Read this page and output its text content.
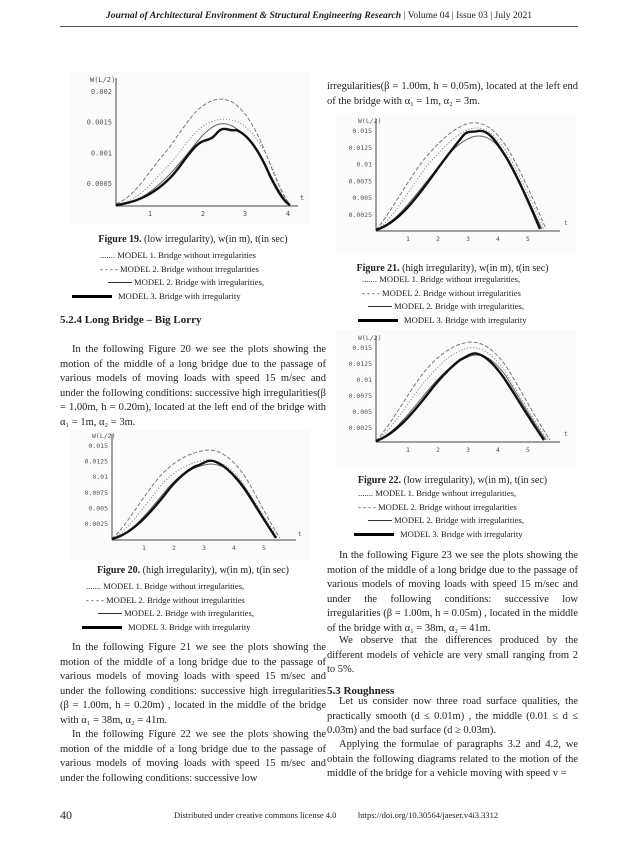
Journal of Architectural Environment & Structural Engineering Research | Volume 04 | Issue 03 | July 2021
W(L/2)
t
0.002
0.0015
0.001
0.0005
1	2	3	4
Figure 19. (low irregularity), w(in m), t(in sec)
....... MODEL 1. Bridge without irregularities
- - - - MODEL 2. Bridge without irregularities
MODEL 2. Bridge with irregularities,
MODEL 3. Bridge with irregularity
5.2.4 Long Bridge – Big Lorry
In the following Figure 20 we see the plots showing the motion of the middle of a long bridge due to the passage of various models of moving loads with speed 15 m/sec and under the following conditions: successive high irregularities(β = 1.00m, h = 0.20m), located at the left end of the bridge with α₁ = 1m, α₂ = 3m.
W(L/2)
t
0.015
0.0125
0.01
0.0075
0.005
0.0025
1	2	3	4	5
Figure 20. (high irregularity), w(in m), t(in sec)
....... MODEL 1. Bridge without irregularities,
- - - - MODEL 2. Bridge without irregularities
MODEL 2. Bridge with irregularities,
MODEL 3. Bridge with irregularity
In the following Figure 21 we see the plots showing the motion of the middle of a long bridge due to the passage of various models of moving loads with speed 15 m/sec and under the following conditions: successive high irregularities (β = 1.00m, h = 0.20m) , located in the middle of the bridge with α₁ = 38m, α₂ = 41m.
In the following Figure 22 we see the plots showing the motion of the middle of a long bridge due to the passage of various models of moving loads with speed 15 m/sec and under the following conditions: successive low
irregularities(β = 1.00m, h = 0.05m), located at the left end of the bridge with α₁ = 1m, α₂ = 3m.
W(L/2)
t
0.015
0.0125
0.01
0.0075
0.005
0.0025
1	2	3	4	5
Figure 21. (high irregularity), w(in m), t(in sec)
....... MODEL 1. Bridge without irregularities,
- - - - MODEL 2. Bridge without irregularities
MODEL 2. Bridge with irregularities,
MODEL 3. Bridge with irregularity
W(L/2)
t
0.015
0.0125
0.01
0.0075
0.005
0.0025
1	2	3	4	5
Figure 22. (low irregularity), w(in m), t(in sec)
....... MODEL 1. Bridge without irregularities,
- - - - MODEL 2. Bridge without irregularities
MODEL 2. Bridge with irregularities,
MODEL 3. Bridge with irregularity
In the following Figure 23 we see the plots showing the motion of the middle of a long bridge due to the passage of various models of moving loads with speed 15 m/sec and under the following conditions: successive low irregularities (β = 1.00m, h = 0.05m) , located in the middle of the bridge with α₁ = 38m, α₂ = 41m.
We observe that the differences produced by the different models of vehicle are very small ranging from 2 to 5%.
5.3 Roughness
Let us consider now three road surface qualities, the practically smooth (d ≤ 0.01m) , the middle (0.01 ≤ d ≤ 0.03m) and the bad surface (d ≥ 0.03m).
Applying the formulae of paragraphs 3.2 and 4.2, we obtain the following diagrams related to the motion of the middle of the bridge for a vehicle moving with speed v =
40	Distributed under creative commons license 4.0	https://doi.org/10.30564/jaeser.v4i3.3312
